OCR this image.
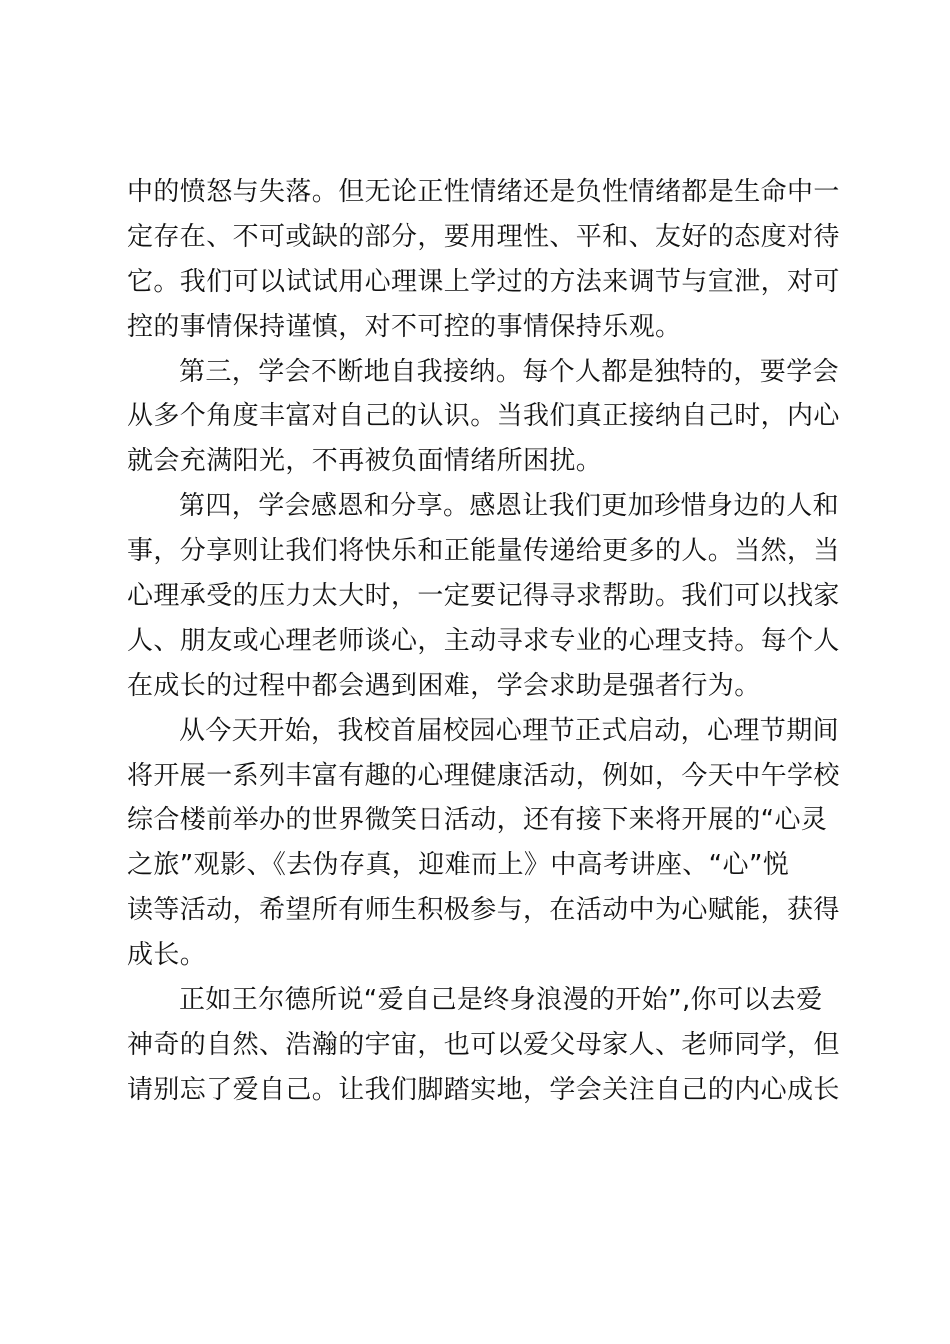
中的愤怒与失落。但无论正性情绪还是负性情绪都是生命中一
定存在、不可或缺的部分，要用理性、平和、友好的态度对待
它。我们可以试试用心理课上学过的方法来调节与宣泄，对可
控的事情保持谨慎，对不可控的事情保持乐观。
第三，学会不断地自我接纳。每个人都是独特的，要学会
从多个角度丰富对自己的认识。当我们真正接纳自己时，内心
就会充满阳光，不再被负面情绪所困扰。
第四，学会感恩和分享。感恩让我们更加珍惜身边的人和
事，分享则让我们将快乐和正能量传递给更多的人。当然，当
心理承受的压力太大时，一定要记得寻求帮助。我们可以找家
人、朋友或心理老师谈心，主动寻求专业的心理支持。每个人
在成长的过程中都会遇到困难，学会求助是强者行为。
从今天开始，我校首届校园心理节正式启动，心理节期间
将开展一系列丰富有趣的心理健康活动，例如，今天中午学校
综合楼前举办的世界微笑日活动，还有接下来将开展的“心灵
之旅”观影、《去伪存真，迎难而上》中高考讲座、“心”悦
读等活动，希望所有师生积极参与，在活动中为心赋能，获得
成长。
正如王尔德所说“爱自己是终身浪漫的开始”,你可以去爱
神奇的自然、浩瀚的宇宙，也可以爱父母家人、老师同学，但
请别忘了爱自己。让我们脚踏实地，学会关注自己的内心成长
